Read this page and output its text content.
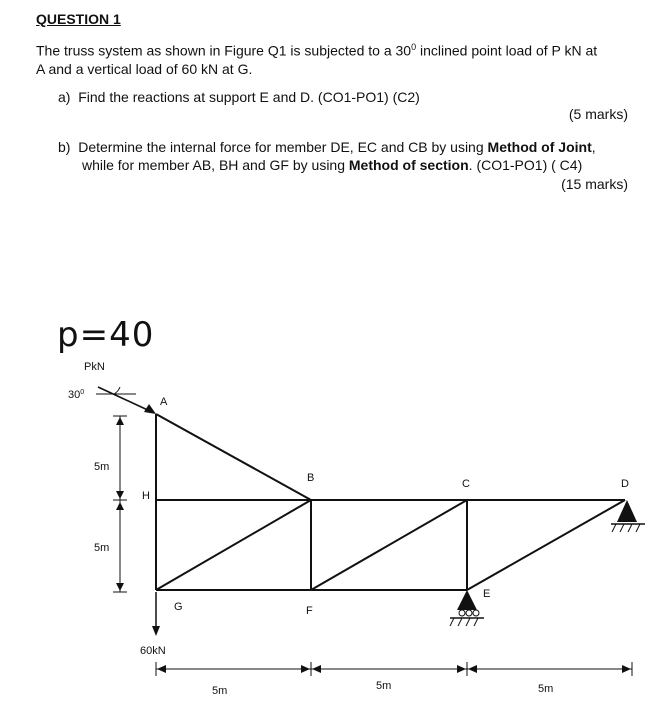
QUESTION 1
The truss system as shown in Figure Q1 is subjected to a $30^0$ inclined point load of P kN at
A and a vertical load of 60 kN at G.
a) Find the reactions at support E and D. (CO1-PO1) (C2)
(5 marks)
b) Determine the internal force for member DE, EC and CB by using Method of Joint,
while for member AB, BH and GF by using Method of section. (CO1-PO1) ( C4)
(15 marks)
p=40
PkN
$30^0$
A
B	C	D
E
F
G
H
5m
5m
60kN
5m	5m	5m
